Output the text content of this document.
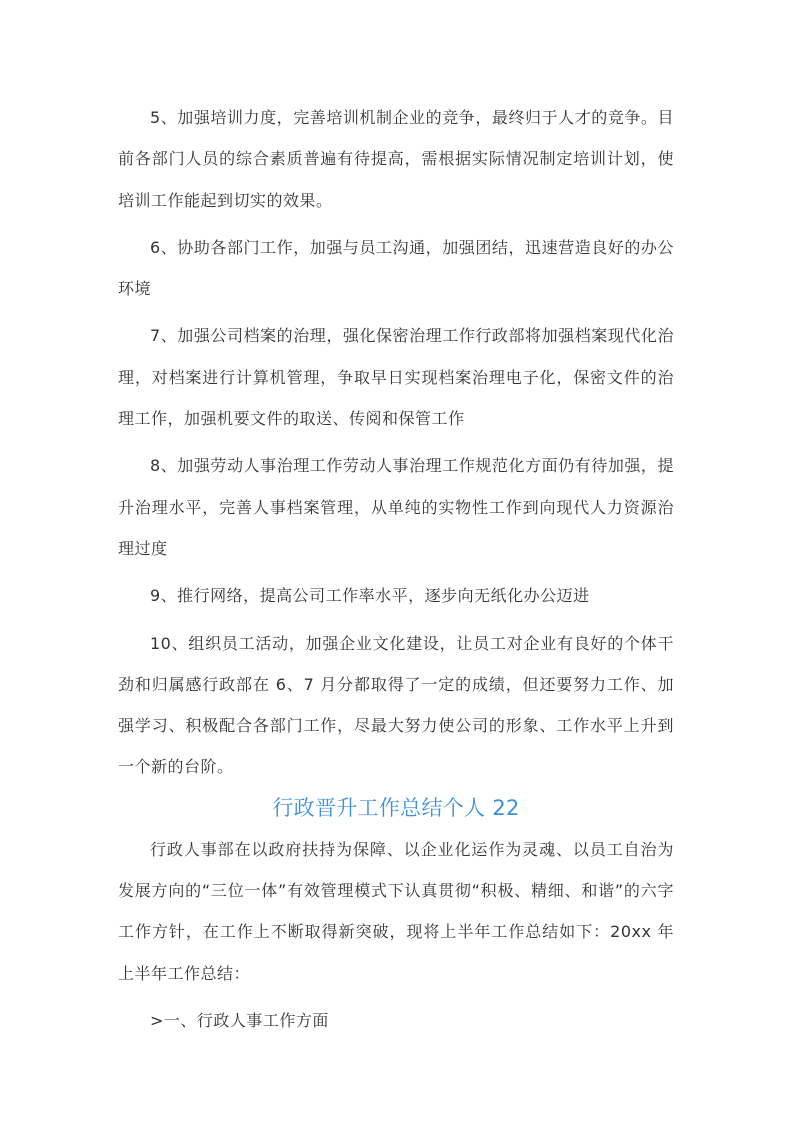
5、加强培训力度，完善培训机制企业的竞争，最终归于人才的竞争。目前各部门人员的综合素质普遍有待提高，需根据实际情况制定培训计划，使培训工作能起到切实的效果。

6、协助各部门工作，加强与员工沟通，加强团结，迅速营造良好的办公环境

7、加强公司档案的治理，强化保密治理工作行政部将加强档案现代化治理，对档案进行计算机管理，争取早日实现档案治理电子化，保密文件的治理工作，加强机要文件的取送、传阅和保管工作

8、加强劳动人事治理工作劳动人事治理工作规范化方面仍有待加强，提升治理水平，完善人事档案管理，从单纯的实物性工作到向现代人力资源治理过度

9、推行网络，提高公司工作率水平，逐步向无纸化办公迈进

10、组织员工活动，加强企业文化建设，让员工对企业有良好的个体干劲和归属感行政部在 6、7 月分都取得了一定的成绩，但还要努力工作、加强学习、积极配合各部门工作，尽最大努力使公司的形象、工作水平上升到一个新的台阶。

行政晋升工作总结个人 22

行政人事部在以政府扶持为保障、以企业化运作为灵魂、以员工自治为发展方向的“三位一体”有效管理模式下认真贯彻“积极、精细、和谐”的六字工作方针，在工作上不断取得新突破，现将上半年工作总结如下：20xx 年上半年工作总结：

>一、行政人事工作方面
